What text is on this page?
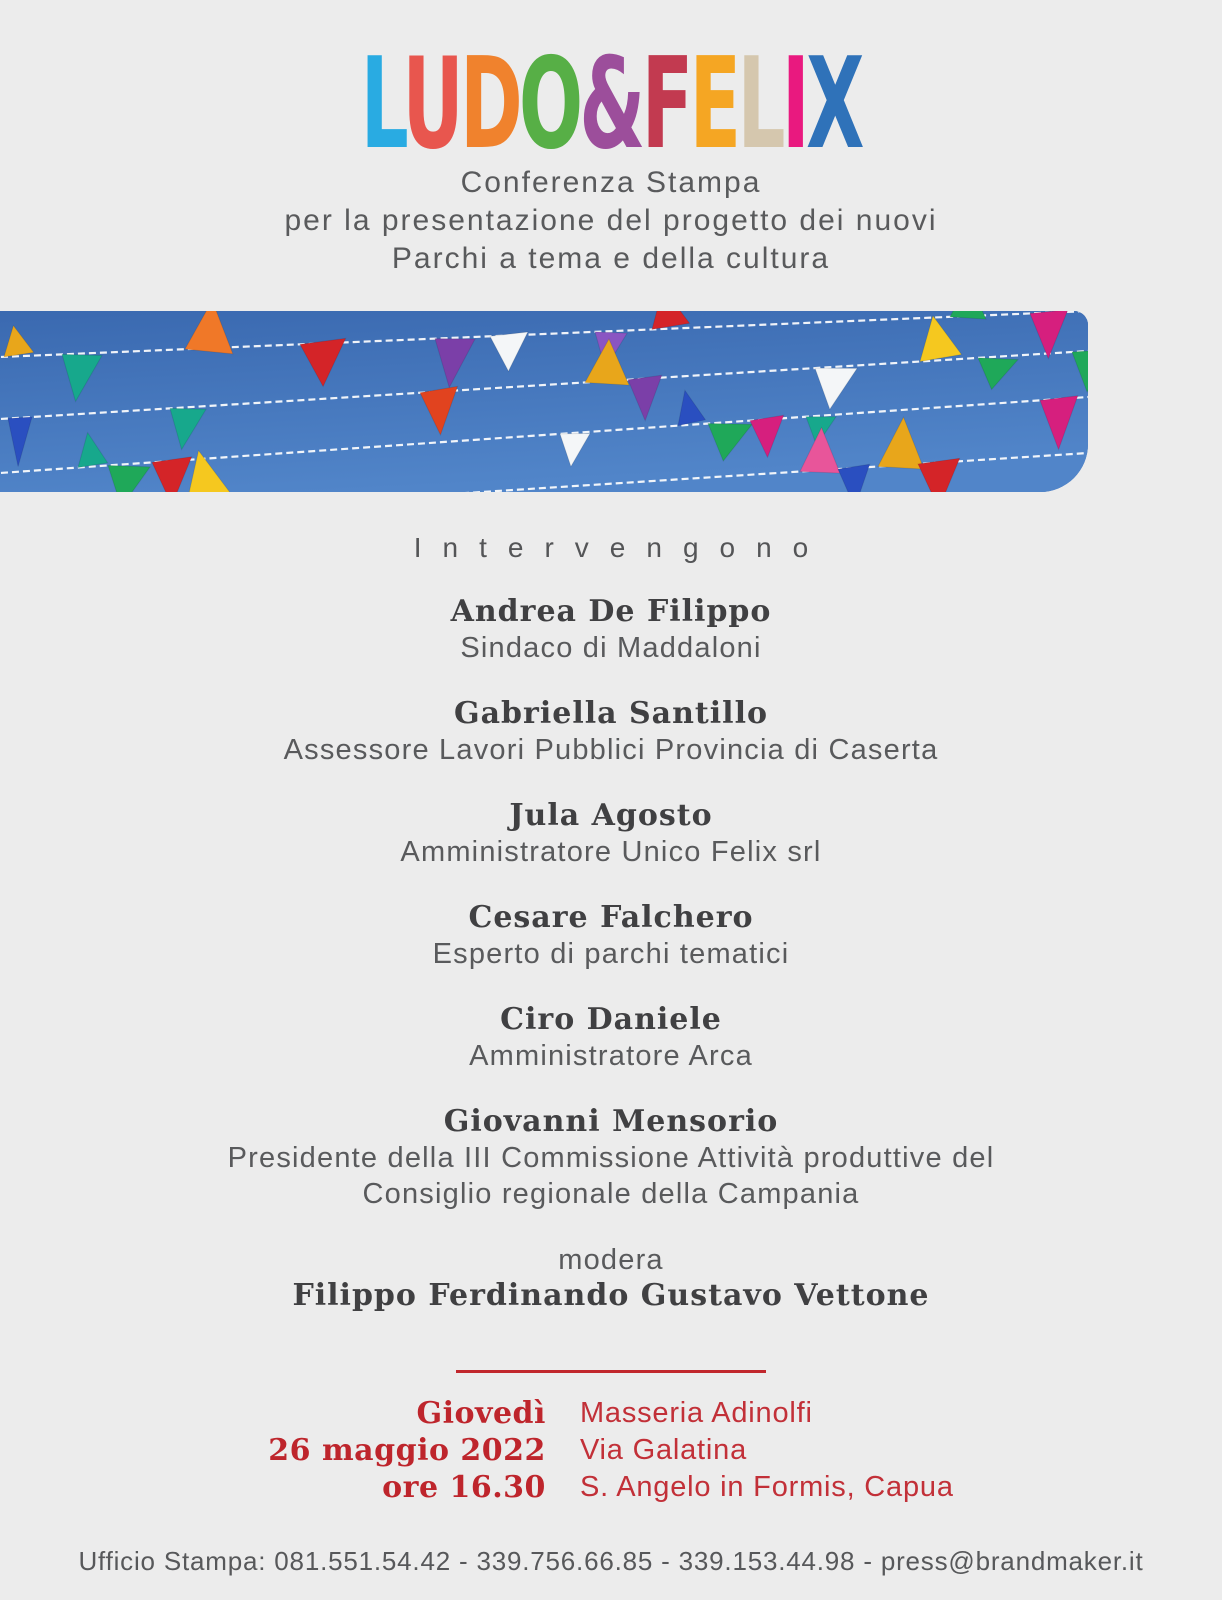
LUDO&FELIX
Conferenza Stampa
per la presentazione del progetto dei nuovi
Parchi a tema e della cultura
Intervengono
Andrea De Filippo
Sindaco di Maddaloni
Gabriella Santillo
Assessore Lavori Pubblici Provincia di Caserta
Jula Agosto
Amministratore Unico Felix srl
Cesare Falchero
Esperto di parchi tematici
Ciro Daniele
Amministratore Arca
Giovanni Mensorio
Presidente della III Commissione Attività produttive del Consiglio regionale della Campania
modera
Filippo Ferdinando Gustavo Vettone
Giovedì
26 maggio 2022
ore 16.30
Masseria Adinolfi
Via Galatina
S. Angelo in Formis, Capua
Ufficio Stampa: 081.551.54.42 - 339.756.66.85 - 339.153.44.98 - press@brandmaker.it
